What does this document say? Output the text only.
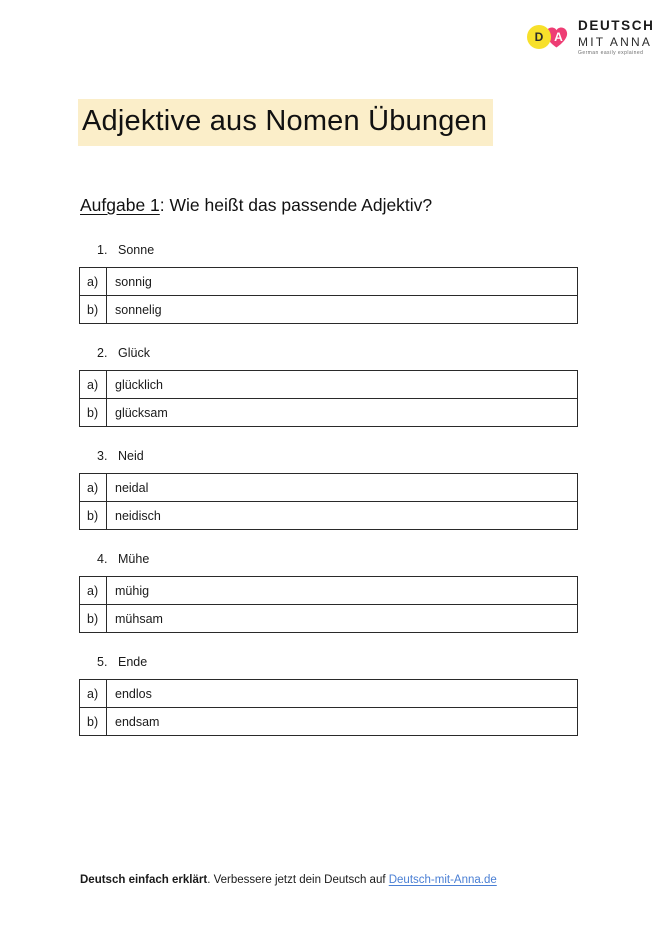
A
D
DEUTSCH
MIT ANNA
German easily explained
Adjektive aus Nomen Übungen
Aufgabe 1: Wie heißt das passende Adjektiv?
1. Sonne
a)	sonnig
b)	sonnelig
2. Glück
a)	glücklich
b)	glücksam
3. Neid
a)	neidal
b)	neidisch
4. Mühe
a)	mühig
b)	mühsam
5. Ende
a)	endlos
b)	endsam
Deutsch einfach erklärt. Verbessere jetzt dein Deutsch auf Deutsch-mit-Anna.de
